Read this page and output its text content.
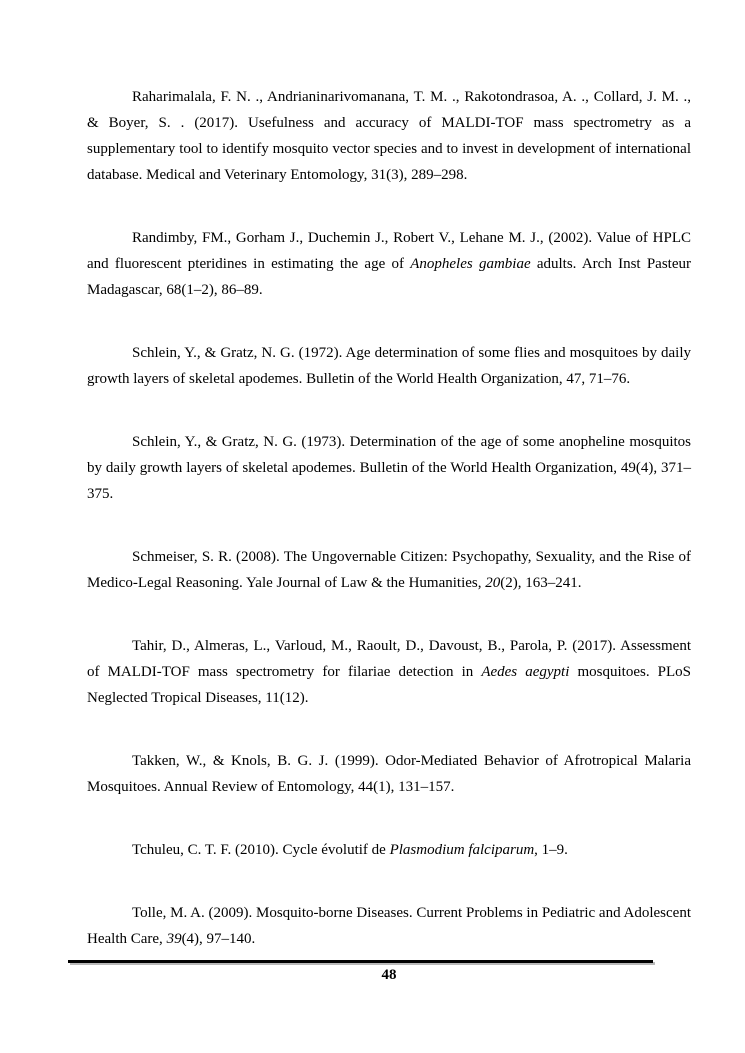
Raharimalala, F. N. ., Andrianinarivomanana, T. M. ., Rakotondrasoa, A. ., Collard, J. M. ., & Boyer, S. . (2017). Usefulness and accuracy of MALDI-TOF mass spectrometry as a supplementary tool to identify mosquito vector species and to invest in development of international database. Medical and Veterinary Entomology, 31(3), 289–298.

Randimby, FM., Gorham J., Duchemin J., Robert V., Lehane M. J., (2002). Value of HPLC and fluorescent pteridines in estimating the age of Anopheles gambiae adults. Arch Inst Pasteur Madagascar, 68(1–2), 86–89.

Schlein, Y., & Gratz, N. G. (1972). Age determination of some flies and mosquitoes by daily growth layers of skeletal apodemes. Bulletin of the World Health Organization, 47, 71–76.

Schlein, Y., & Gratz, N. G. (1973). Determination of the age of some anopheline mosquitos by daily growth layers of skeletal apodemes. Bulletin of the World Health Organization, 49(4), 371–375.

Schmeiser, S. R. (2008). The Ungovernable Citizen: Psychopathy, Sexuality, and the Rise of Medico-Legal Reasoning. Yale Journal of Law & the Humanities, 20(2), 163–241.

Tahir, D., Almeras, L., Varloud, M., Raoult, D., Davoust, B., Parola, P. (2017). Assessment of MALDI-TOF mass spectrometry for filariae detection in Aedes aegypti mosquitoes. PLoS Neglected Tropical Diseases, 11(12).

Takken, W., & Knols, B. G. J. (1999). Odor-Mediated Behavior of Afrotropical Malaria Mosquitoes. Annual Review of Entomology, 44(1), 131–157.

Tchuleu, C. T. F. (2010). Cycle évolutif de Plasmodium falciparum, 1–9.

Tolle, M. A. (2009). Mosquito-borne Diseases. Current Problems in Pediatric and Adolescent Health Care, 39(4), 97–140.

48
